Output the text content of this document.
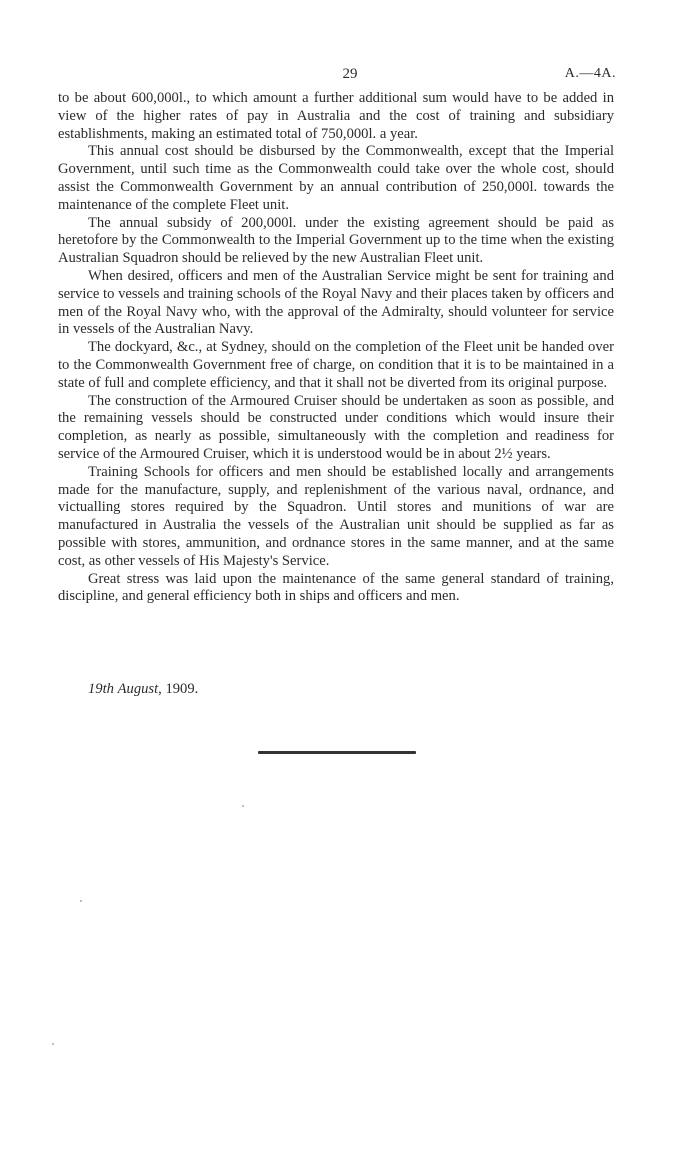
29	A.—4A.

to be about 600,000l., to which amount a further additional sum would have to be added in view of the higher rates of pay in Australia and the cost of training and subsidiary establishments, making an estimated total of 750,000l. a year.

This annual cost should be disbursed by the Commonwealth, except that the Imperial Government, until such time as the Commonwealth could take over the whole cost, should assist the Commonwealth Government by an annual contribution of 250,000l. towards the maintenance of the complete Fleet unit.

The annual subsidy of 200,000l. under the existing agreement should be paid as heretofore by the Commonwealth to the Imperial Government up to the time when the existing Australian Squadron should be relieved by the new Australian Fleet unit.

When desired, officers and men of the Australian Service might be sent for training and service to vessels and training schools of the Royal Navy and their places taken by officers and men of the Royal Navy who, with the approval of the Admiralty, should volunteer for service in vessels of the Australian Navy.

The dockyard, &c., at Sydney, should on the completion of the Fleet unit be handed over to the Commonwealth Government free of charge, on condition that it is to be maintained in a state of full and complete efficiency, and that it shall not be diverted from its original purpose.

The construction of the Armoured Cruiser should be undertaken as soon as possible, and the remaining vessels should be constructed under conditions which would insure their completion, as nearly as possible, simultaneously with the completion and readiness for service of the Armoured Cruiser, which it is understood would be in about 2½ years.

Training Schools for officers and men should be established locally and arrangements made for the manufacture, supply, and replenishment of the various naval, ordnance, and victualling stores required by the Squadron. Until stores and munitions of war are manufactured in Australia the vessels of the Australian unit should be supplied as far as possible with stores, ammunition, and ordnance stores in the same manner, and at the same cost, as other vessels of His Majesty's Service.

Great stress was laid upon the maintenance of the same general standard of training, discipline, and general efficiency both in ships and officers and men.

19th August, 1909.
